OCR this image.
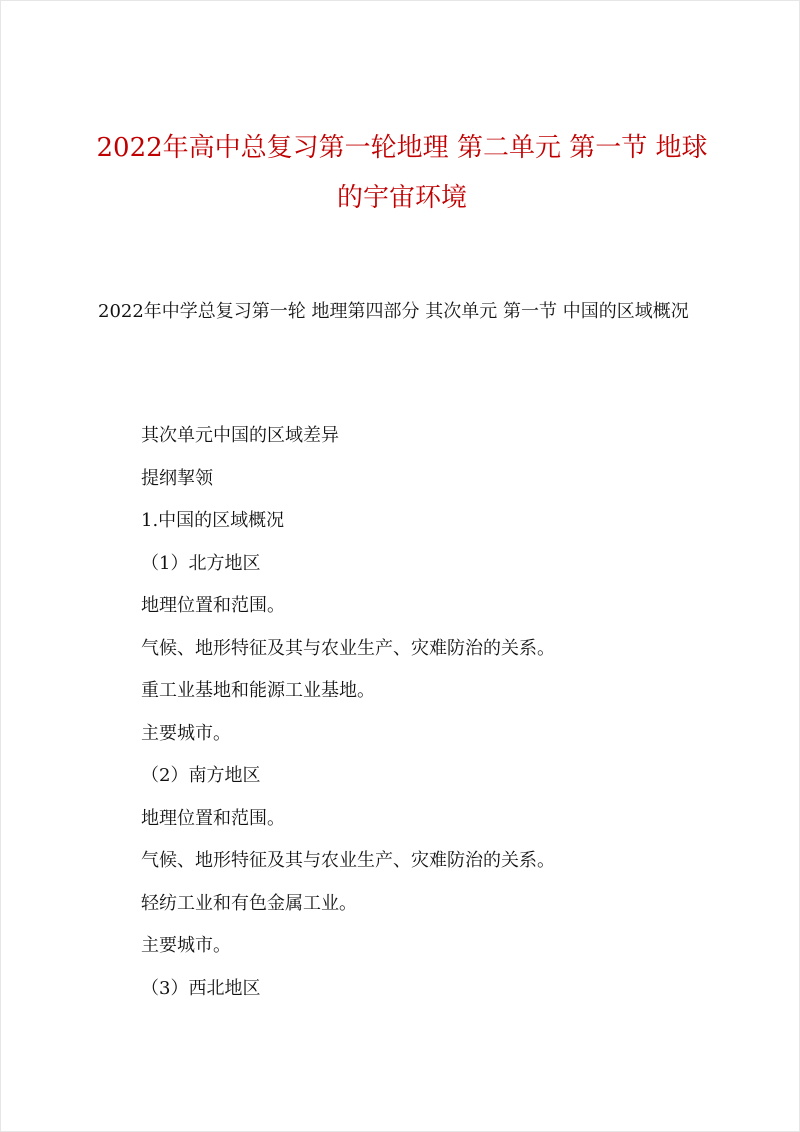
2022年高中总复习第一轮地理 第二单元 第一节 地球的宇宙环境

2022年中学总复习第一轮 地理第四部分 其次单元 第一节 中国的区域概况

其次单元中国的区域差异
提纲挈领
1.中国的区域概况
（1）北方地区
地理位置和范围。
气候、地形特征及其与农业生产、灾难防治的关系。
重工业基地和能源工业基地。
主要城市。
（2）南方地区
地理位置和范围。
气候、地形特征及其与农业生产、灾难防治的关系。
轻纺工业和有色金属工业。
主要城市。
（3）西北地区
